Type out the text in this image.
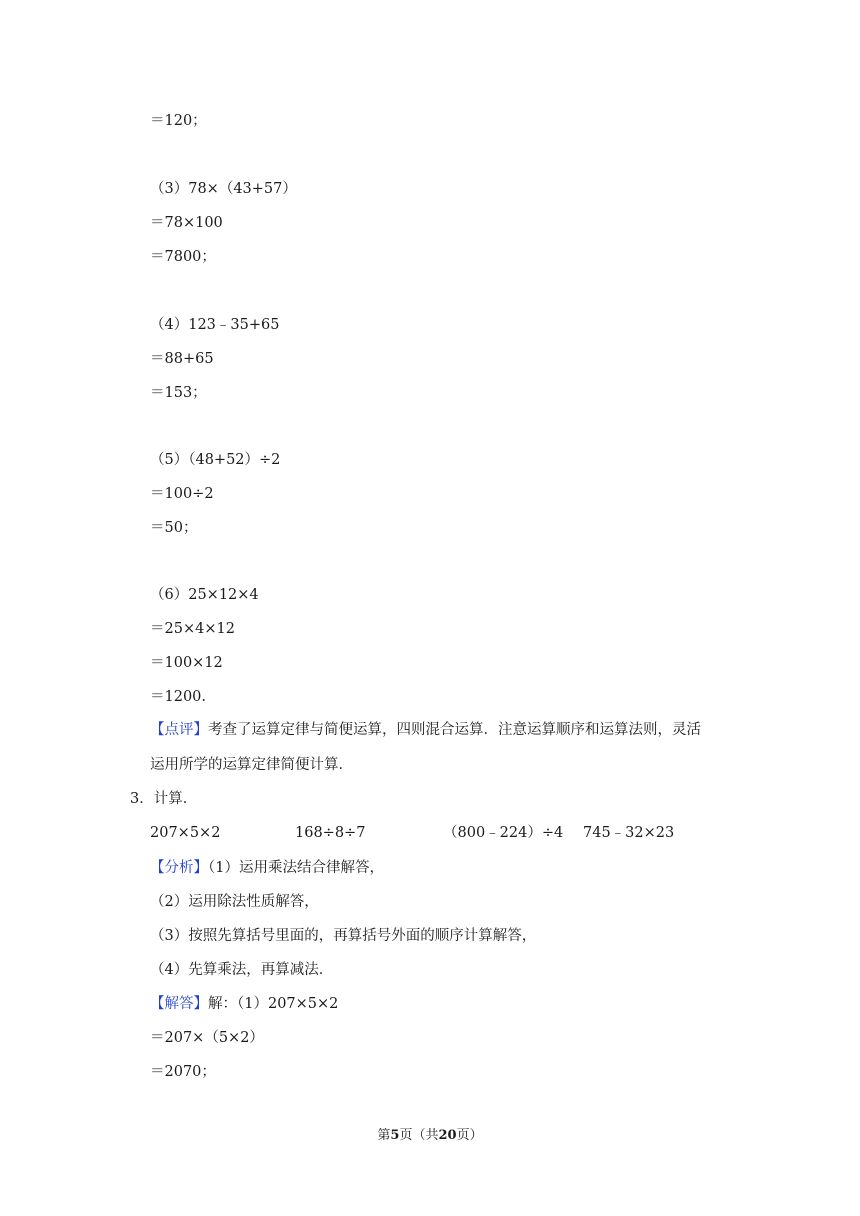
＝120；
（3）78×（43+57）
＝78×100
＝7800；
（4）123﹣35+65
＝88+65
＝153；
（5）（48+52）÷2
＝100÷2
＝50；
（6）25×12×4
＝25×4×12
＝100×12
＝1200.
【点评】考查了运算定律与简便运算，四则混合运算．注意运算顺序和运算法则，灵活
运用所学的运算定律简便计算．
3．计算．
207×5×2	168÷8÷7	（800﹣224）÷4 745﹣32×23
【分析】（1）运用乘法结合律解答，
（2）运用除法性质解答，
（3）按照先算括号里面的，再算括号外面的顺序计算解答，
（4）先算乘法，再算减法．
【解答】解：（1）207×5×2
＝207×（5×2）
＝2070；
第5页（共20页）
